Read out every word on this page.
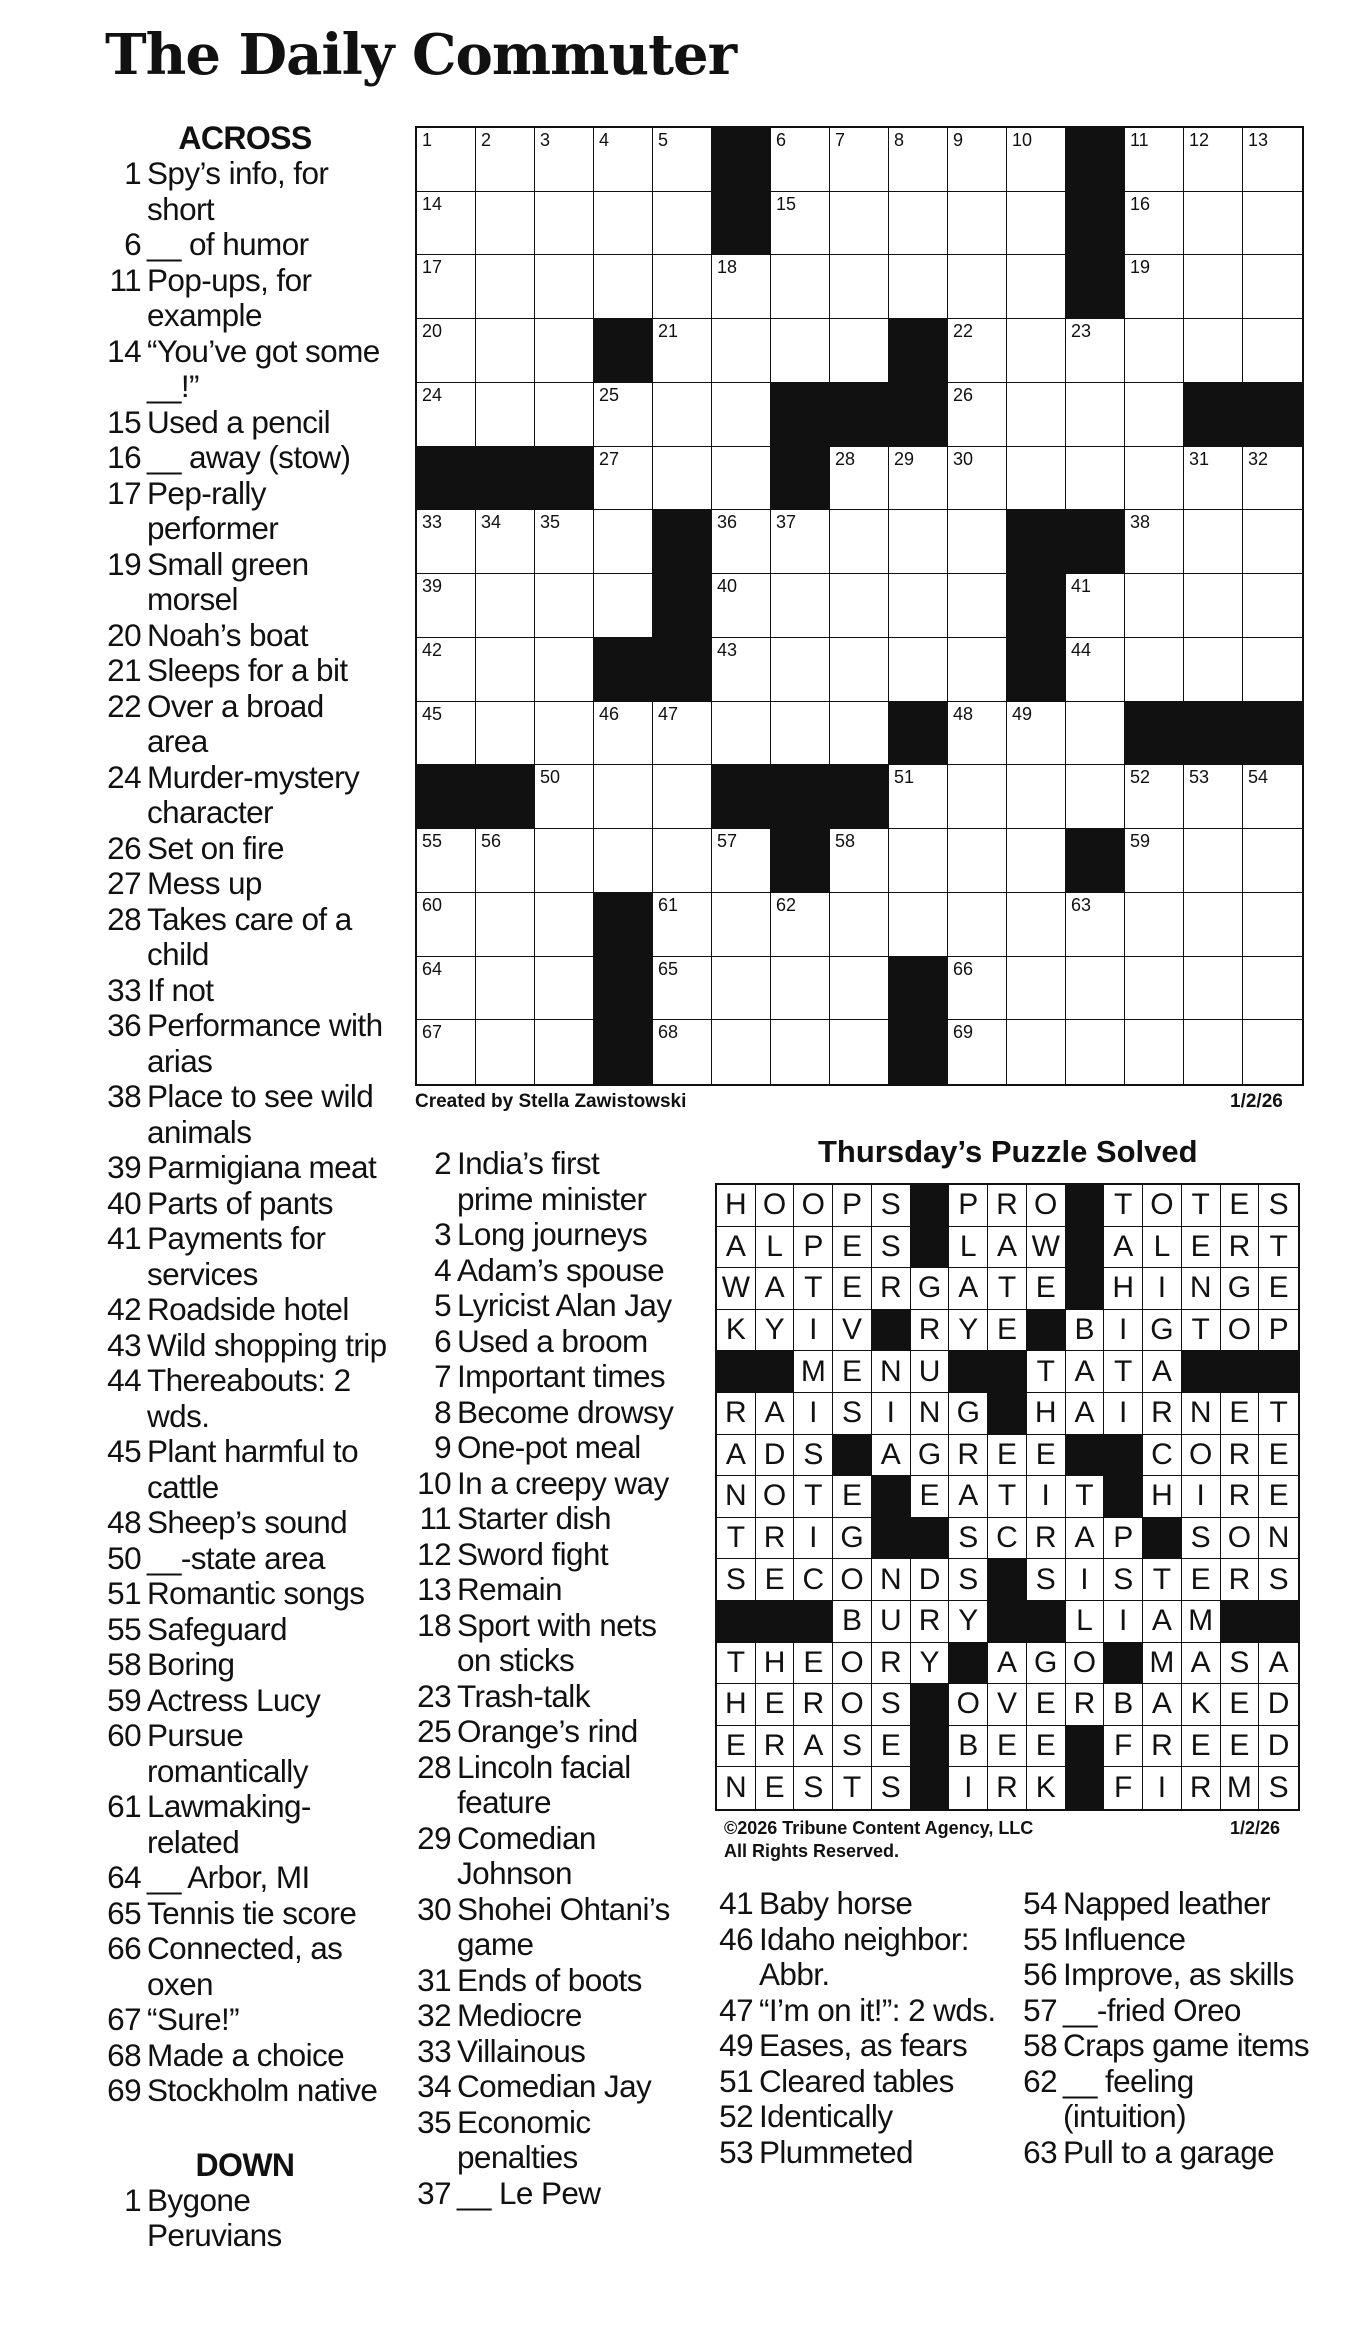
The Daily Commuter
ACROSS
1 Spy’s info, for short
6 __ of humor
11 Pop-ups, for example
14 “You’ve got some __!”
15 Used a pencil
16 __ away (stow)
17 Pep-rally performer
19 Small green morsel
20 Noah’s boat
21 Sleeps for a bit
22 Over a broad area
24 Murder-mystery character
26 Set on fire
27 Mess up
28 Takes care of a child
33 If not
36 Performance with arias
38 Place to see wild animals
39 Parmigiana meat
40 Parts of pants
41 Payments for services
42 Roadside hotel
43 Wild shopping trip
44 Thereabouts: 2 wds.
45 Plant harmful to cattle
48 Sheep’s sound
50 __-state area
51 Romantic songs
55 Safeguard
58 Boring
59 Actress Lucy
60 Pursue romantically
61 Lawmaking-related
64 __ Arbor, MI
65 Tennis tie score
66 Connected, as oxen
67 “Sure!”
68 Made a choice
69 Stockholm native
DOWN
1 Bygone Peruvians
1	2	3	4	5	6	7	8	9	10	11 12 13
14	15	16
17	18	19
20	21	22	23
24	25	26
27	28 29 30	31 32
33 34 35	36 37	38
39	40	41
42	43	44
45	46 47	48 49
50	51	52 53 54
55 56	57	58	59
60	61	62	63
64	65	66
67	68	69
Created by Stella Zawistowski	1/2/26
2 India’s first prime minister
3 Long journeys
4 Adam’s spouse
5 Lyricist Alan Jay
6 Used a broom
7 Important times
8 Become drowsy
9 One-pot meal
10 In a creepy way
11 Starter dish
12 Sword fight
13 Remain
18 Sport with nets on sticks
23 Trash-talk
25 Orange’s rind
28 Lincoln facial feature
29 Comedian Johnson
30 Shohei Ohtani’s game
31 Ends of boots
32 Mediocre
33 Villainous
34 Comedian Jay
35 Economic penalties
37 __ Le Pew
Thursday’s Puzzle Solved
H O O P S	P R O	T O T E S
A L P E S	L A W A L E R T
W A T E R G A T E	H I N G E
K Y I V	R Y E	B I G T O P
M E N U	T A T A
R A I S I N G H A I R N E T
A D S	A G R E E	C O R E
N O T E	E A T I T	H I R E
T R I G	S C R A P	S O N
S E C O N D S	S I S T E R S
B U R Y	L I A M
T H E O R Y	A G O M A S A
H E R O S	O V E R B A K E D
E R A S E	B E E	F R E E D
N E S T S	I R K	F I R M S
©2026 Tribune Content Agency, LLC
All Rights Reserved.
1/2/26
41 Baby horse
46 Idaho neighbor: Abbr.
47 “I’m on it!”: 2 wds.
49 Eases, as fears
51 Cleared tables
52 Identically
53 Plummeted
54 Napped leather
55 Influence
56 Improve, as skills
57 __-fried Oreo
58 Craps game items
62 __ feeling (intuition)
63 Pull to a garage
